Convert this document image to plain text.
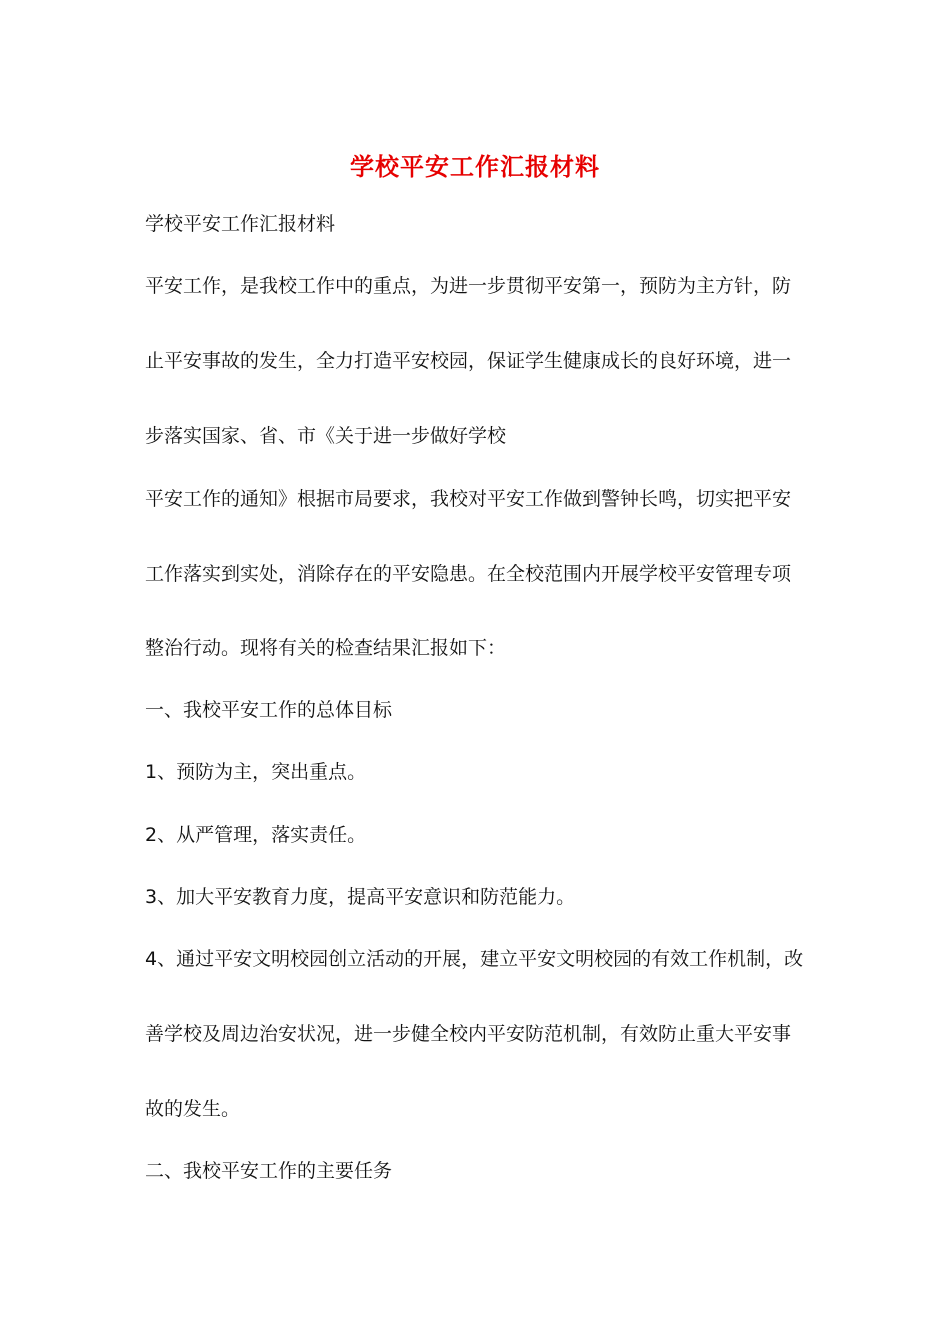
学校平安工作汇报材料
学校平安工作汇报材料
平安工作，是我校工作中的重点，为进一步贯彻平安第一，预防为主方针，防
止平安事故的发生，全力打造平安校园，保证学生健康成长的良好环境，进一
步落实国家、省、市《关于进一步做好学校
平安工作的通知》根据市局要求，我校对平安工作做到警钟长鸣，切实把平安
工作落实到实处，消除存在的平安隐患。在全校范围内开展学校平安管理专项
整治行动。现将有关的检查结果汇报如下：
一、我校平安工作的总体目标
1、预防为主，突出重点。
2、从严管理，落实责任。
3、加大平安教育力度，提高平安意识和防范能力。
4、通过平安文明校园创立活动的开展，建立平安文明校园的有效工作机制，改
善学校及周边治安状况，进一步健全校内平安防范机制，有效防止重大平安事
故的发生。
二、我校平安工作的主要任务
